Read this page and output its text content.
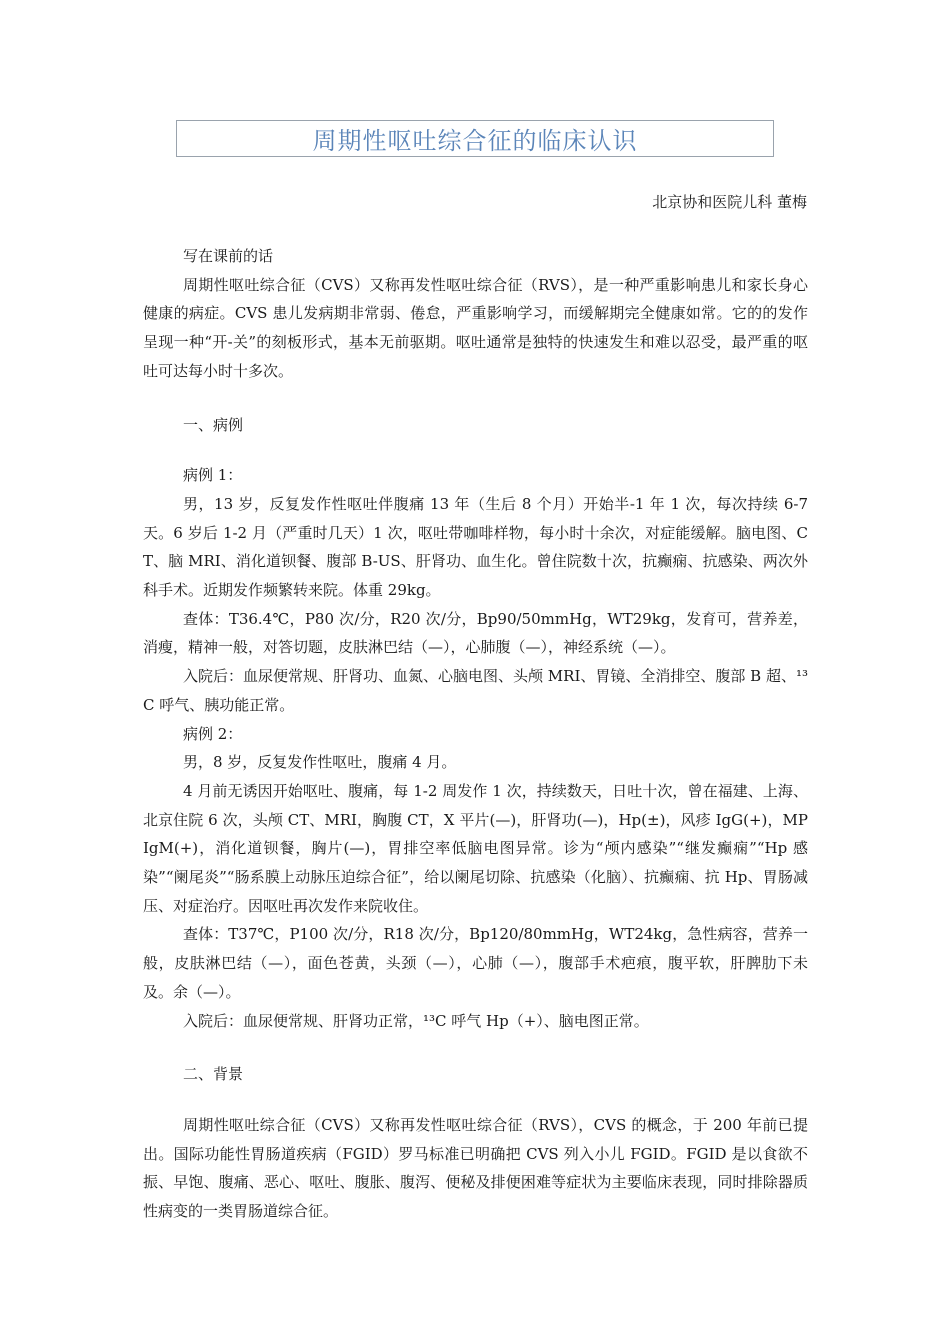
周期性呕吐综合征的临床认识
北京协和医院儿科 董梅

写在课前的话

周期性呕吐综合征（CVS）又称再发性呕吐综合征（RVS），是一种严重影响患儿和家长身心健康的病症。CVS 患儿发病期非常弱、倦怠，严重影响学习，而缓解期完全健康如常。它的的发作呈现一种“开-关”的刻板形式，基本无前驱期。呕吐通常是独特的快速发生和难以忍受，最严重的呕吐可达每小时十多次。

一、病例

病例 1：

男，13 岁，反复发作性呕吐伴腹痛 13 年（生后 8 个月）开始半-1 年 1 次，每次持续 6-7 天。6 岁后 1-2 月（严重时几天）1 次，呕吐带咖啡样物，每小时十余次，对症能缓解。脑电图、CT、脑 MRI、消化道钡餐、腹部 B-US、肝肾功、血生化。曾住院数十次，抗癫痫、抗感染、两次外科手术。近期发作频繁转来院。体重 29kg。

查体：T36.4℃，P80 次/分，R20 次/分，Bp90/50mmHg，WT29kg，发育可，营养差，消瘦，精神一般，对答切题，皮肤淋巴结（—），心肺腹（—），神经系统（—）。

入院后：血尿便常规、肝肾功、血氮、心脑电图、头颅 MRI、胃镜、全消排空、腹部 B 超、¹³C 呼气、胰功能正常。

病例 2：

男，8 岁，反复发作性呕吐，腹痛 4 月。

4 月前无诱因开始呕吐、腹痛，每 1-2 周发作 1 次，持续数天，日吐十次，曾在福建、上海、北京住院 6 次，头颅 CT、MRI，胸腹 CT，X 平片(—)，肝肾功(—)，Hp(±)，风疹 IgG(+)，MPIgM(+)，消化道钡餐，胸片(—)，胃排空率低脑电图异常。诊为“颅内感染”“继发癫痫”“Hp 感染”“阑尾炎”“肠系膜上动脉压迫综合征”，给以阑尾切除、抗感染（化脑）、抗癫痫、抗 Hp、胃肠减压、对症治疗。因呕吐再次发作来院收住。

查体：T37℃，P100 次/分，R18 次/分，Bp120/80mmHg，WT24kg，急性病容，营养一般，皮肤淋巴结（—），面色苍黄，头颈（—），心肺（—），腹部手术疤痕，腹平软，肝脾肋下未及。余（—）。

入院后：血尿便常规、肝肾功正常，¹³C 呼气 Hp（+）、脑电图正常。

二、背景

周期性呕吐综合征（CVS）又称再发性呕吐综合征（RVS），CVS 的概念，于 200 年前已提出。国际功能性胃肠道疾病（FGID）罗马标准已明确把 CVS 列入小儿 FGID。FGID 是以食欲不振、早饱、腹痛、恶心、呕吐、腹胀、腹泻、便秘及排便困难等症状为主要临床表现，同时排除器质性病变的一类胃肠道综合征。
